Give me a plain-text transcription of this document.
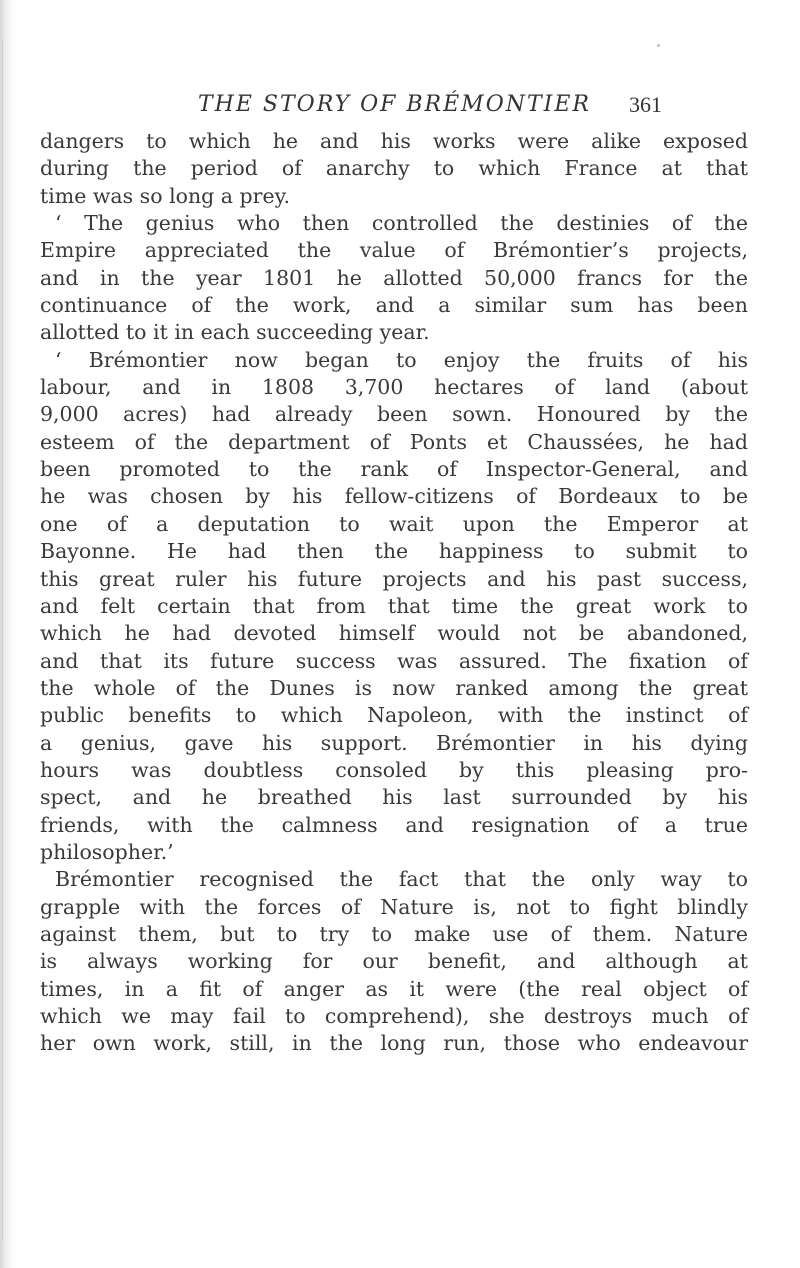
THE STORY OF BRÉMONTIER 361
dangers to which he and his works were alike exposed
during the period of anarchy to which France at that
time was so long a prey.
‘ The genius who then controlled the destinies of the
Empire appreciated the value of Brémontier’s projects,
and in the year 1801 he allotted 50,000 francs for the
continuance of the work, and a similar sum has been
allotted to it in each succeeding year.
‘ Brémontier now began to enjoy the fruits of his
labour, and in 1808 3,700 hectares of land (about
9,000 acres) had already been sown. Honoured by the
esteem of the department of Ponts et Chaussées, he had
been promoted to the rank of Inspector-General, and
he was chosen by his fellow-citizens of Bordeaux to be
one of a deputation to wait upon the Emperor at
Bayonne. He had then the happiness to submit to
this great ruler his future projects and his past success,
and felt certain that from that time the great work to
which he had devoted himself would not be abandoned,
and that its future success was assured. The fixation of
the whole of the Dunes is now ranked among the great
public benefits to which Napoleon, with the instinct of
a genius, gave his support. Brémontier in his dying
hours was doubtless consoled by this pleasing pro-
spect, and he breathed his last surrounded by his
friends, with the calmness and resignation of a true
philosopher.’
Brémontier recognised the fact that the only way to
grapple with the forces of Nature is, not to fight blindly
against them, but to try to make use of them. Nature
is always working for our benefit, and although at
times, in a fit of anger as it were (the real object of
which we may fail to comprehend), she destroys much of
her own work, still, in the long run, those who endeavour
